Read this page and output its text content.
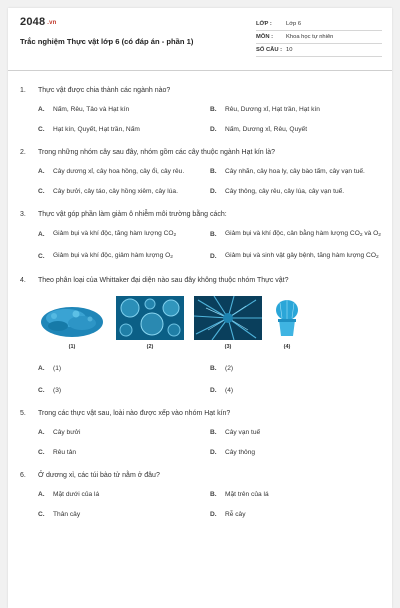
2048 .vn
Trắc nghiệm Thực vật lớp 6 (có đáp án - phần 1)
LỚP :	Lớp 6
MÔN :	Khoa học tự nhiên
SỐ CÂU : 10
1.	Thực vật được chia thành các ngành nào?
A.	Nấm, Rêu, Tảo và Hạt kín	B.	Rêu, Dương xỉ, Hạt trần, Hạt kín
C.	Hạt kín, Quyết, Hạt trần, Nấm	D.	Nấm, Dương xỉ, Rêu, Quyết
2.	Trong những nhóm cây sau đây, nhóm gồm các cây thuộc ngành Hạt kín là?
A.	Cây dương xỉ, cây hoa hồng, cây ổi, cây rêu.	B.	Cây nhãn, cây hoa ly, cây bào tấm, cây vạn tuế.
C.	Cây bưởi, cây táo, cây hồng xiêm, cây lúa.	D.	Cây thông, cây rêu, cây lúa, cây vạn tuế.
3.	Thực vật góp phần làm giảm ô nhiễm môi trường bằng cách:
A.	Giảm bụi và khí độc, tăng hàm lượng $CO_2$	B.	Giảm bụi và khí độc, cân bằng hàm lượng $CO_2$ và $O_2$
C.	Giảm bụi và khí độc, giảm hàm lượng $O_2$	D.	Giảm bụi và sinh vật gây bệnh, tăng hàm lượng $CO_2$
4.	Theo phân loại của Whittaker đại diện nào sau đây không thuộc nhóm Thực vật?
(1)	(2)	(3)	(4)
A.	(1)	B.	(2)
C.	(3)	D.	(4)
5.	Trong các thực vật sau, loài nào được xếp vào nhóm Hạt kín?
A.	Cây bưởi	B.	Cây vạn tuế
C.	Rêu tản	D.	Cây thông
6.	Ở dương xỉ, các túi bào tử nằm ở đâu?
A.	Mặt dưới của lá	B.	Mặt trên của lá
C.	Thân cây	D.	Rễ cây
